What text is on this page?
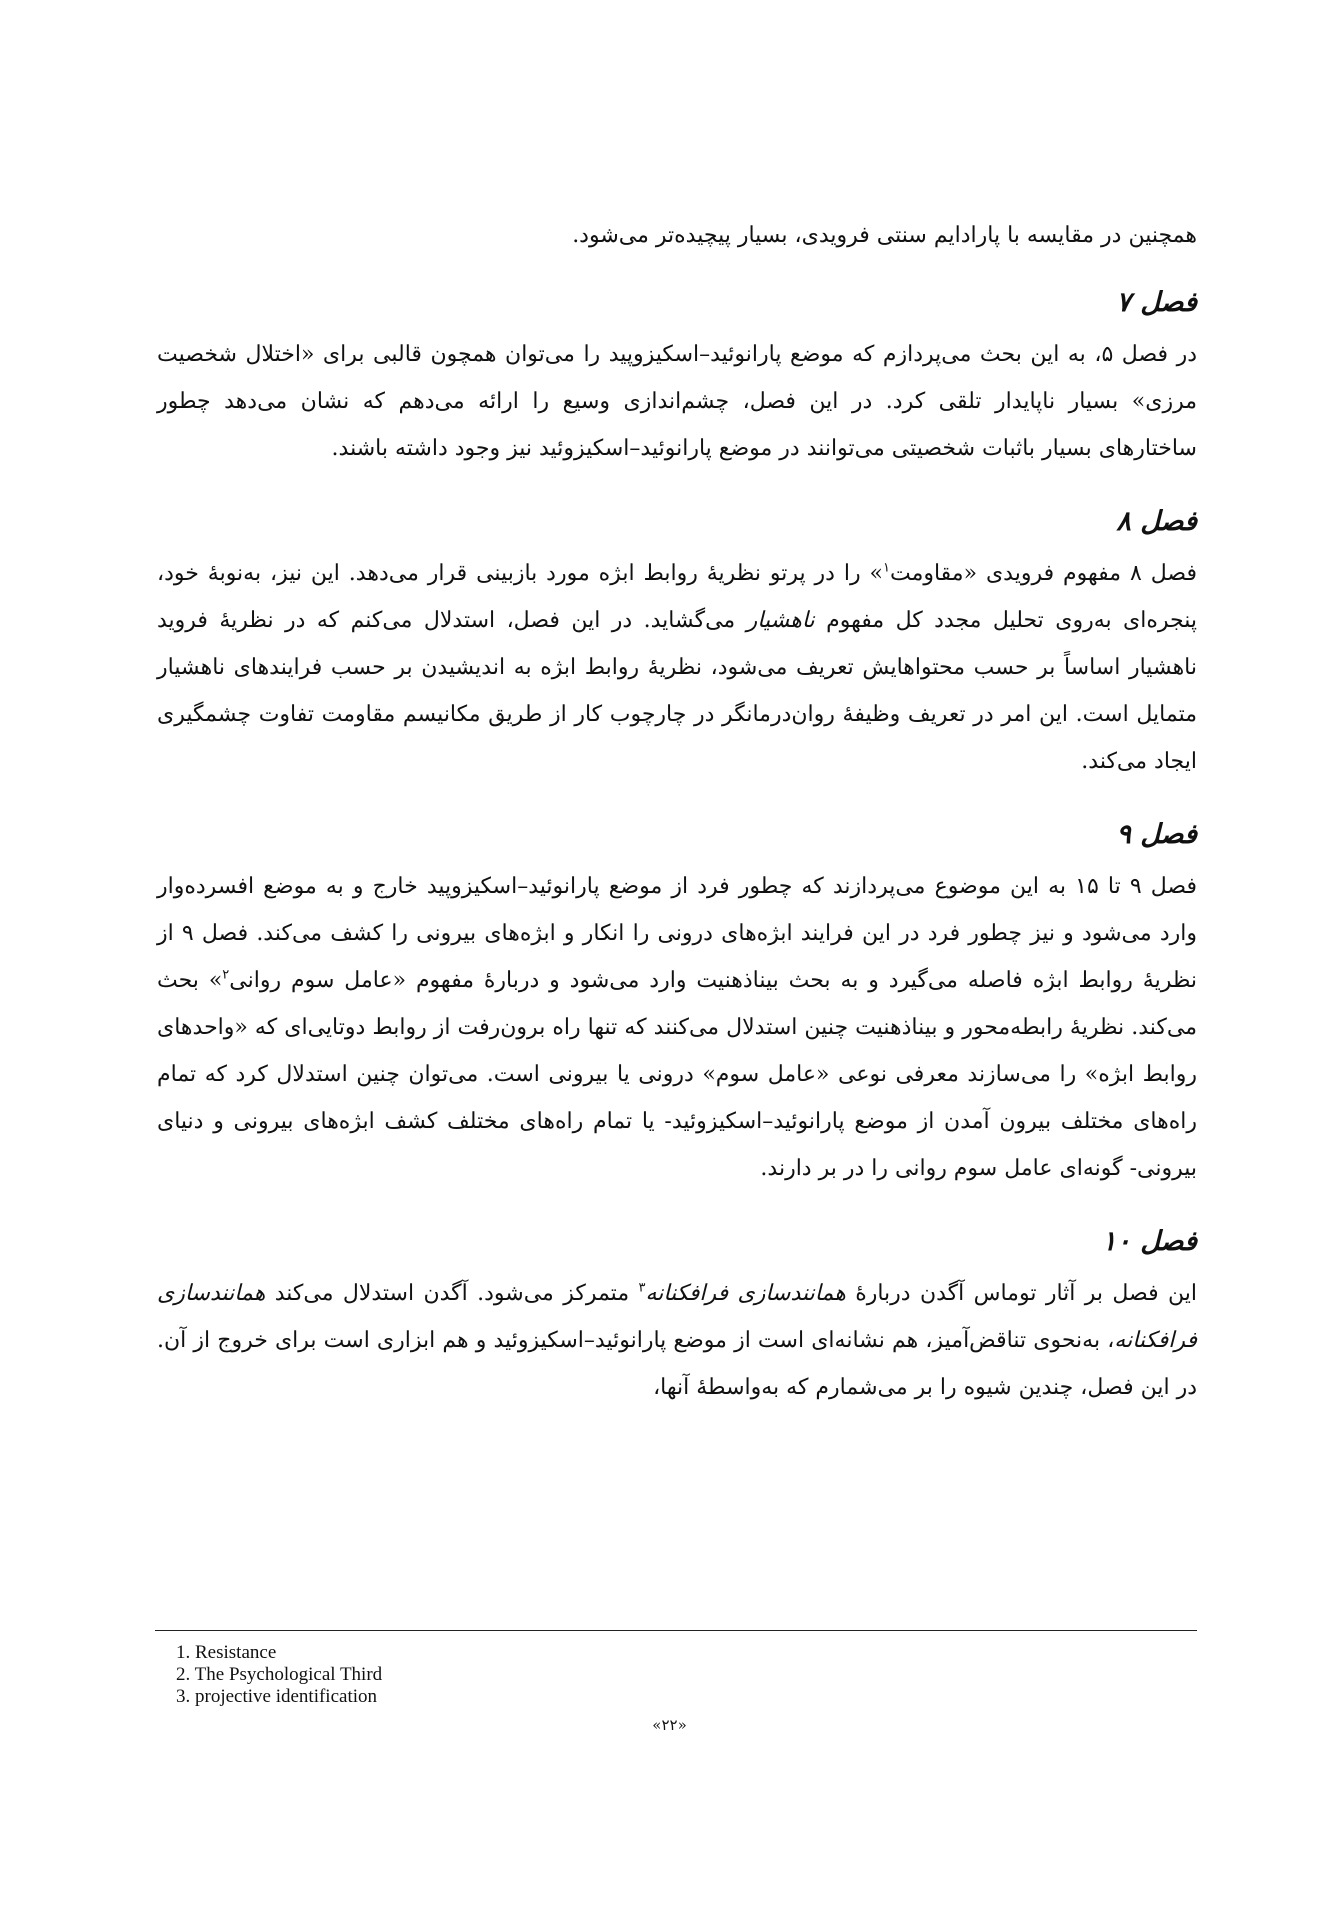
همچنین در مقایسه با پارادایم سنتی فرویدی، بسیار پیچیده‌تر می‌شود.

فصل ۷

در فصل ۵، به این بحث می‌پردازم که موضع پارانوئید–اسکیزوپید را می‌توان همچون قالبی برای «اختلال شخصیت مرزی» بسیار ناپایدار تلقی کرد. در این فصل، چشم‌اندازی وسیع را ارائه می‌دهم که نشان می‌دهد چطور ساختارهای بسیار باثبات شخصیتی می‌توانند در موضع پارانوئید–اسکیزوئید نیز وجود داشته باشند.

فصل ۸

فصل ۸ مفهوم فرویدی «مقاومت$^۱$» را در پرتو نظریهٔ روابط ابژه مورد بازبینی قرار می‌دهد. این نیز، به‌نوبهٔ خود، پنجره‌ای به‌روی تحلیل مجدد کل مفهوم ناهشیار می‌گشاید. در این فصل، استدلال می‌کنم که در نظریهٔ فروید ناهشیار اساساً بر حسب محتواهایش تعریف می‌شود، نظریهٔ روابط ابژه به اندیشیدن بر حسب فرایندهای ناهشیار متمایل است. این امر در تعریف وظیفهٔ روان‌درمانگر در چارچوب کار از طریق مکانیسم مقاومت تفاوت چشمگیری ایجاد می‌کند.

فصل ۹

فصل ۹ تا ۱۵ به این موضوع می‌پردازند که چطور فرد از موضع پارانوئید–اسکیزوپید خارج و به موضع افسرده‌وار وارد می‌شود و نیز چطور فرد در این فرایند ابژه‌های درونی را انکار و ابژه‌های بیرونی را کشف می‌کند. فصل ۹ از نظریهٔ روابط ابژه فاصله می‌گیرد و به بحث بیناذهنیت وارد می‌شود و دربارهٔ مفهوم «عامل سوم روانی$^۲$» بحث می‌کند. نظریهٔ رابطه‌محور و بیناذهنیت چنین استدلال می‌کنند که تنها راه برون‌رفت از روابط دوتایی‌ای که «واحدهای روابط ابژه» را می‌سازند معرفی نوعی «عامل سوم» درونی یا بیرونی است. می‌توان چنین استدلال کرد که تمام راه‌های مختلف بیرون آمدن از موضع پارانوئید–اسکیزوئید- یا تمام راه‌های مختلف کشف ابژه‌های بیرونی و دنیای بیرونی- گونه‌ای عامل سوم روانی را در بر دارند.

فصل ۱۰

این فصل بر آثار توماس آگدن دربارهٔ همانندسازی فرافکنانه$^۳$ متمرکز می‌شود. آگدن استدلال می‌کند همانندسازی فرافکنانه، به‌نحوی تناقض‌آمیز، هم نشانه‌ای است از موضع پارانوئید–اسکیزوئید و هم ابزاری است برای خروج از آن. در این فصل، چندین شیوه را بر می‌شمارم که به‌واسطهٔ آنها،

1. Resistance
2. The Psychological Third
3. projective identification
«۲۲»
